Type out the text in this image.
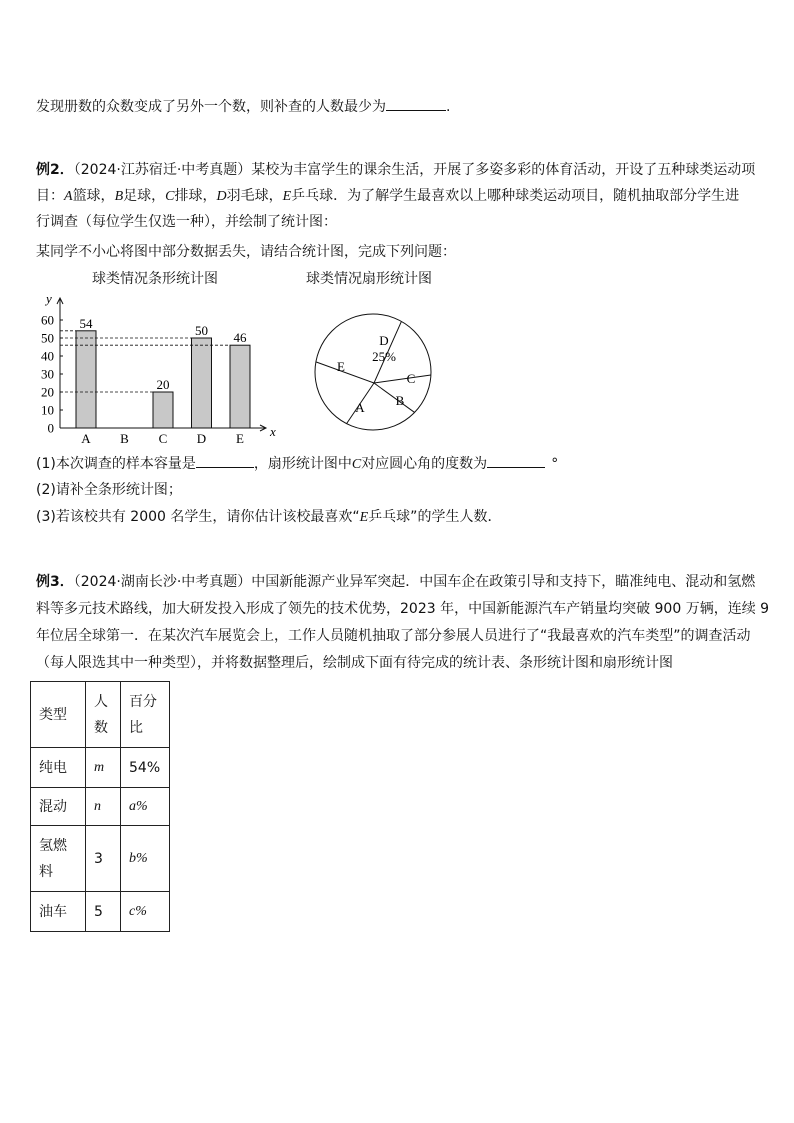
发现册数的众数变成了另外一个数，则补查的人数最少为	.
例2．（2024·江苏宿迁·中考真题）某校为丰富学生的课余生活，开展了多姿多彩的体育活动，开设了五种球类运动项
目：A篮球，B足球，C排球，D羽毛球，E乒乓球．为了解学生最喜欢以上哪种球类运动项目，随机抽取部分学生进
行调查（每位学生仅选一种），并绘制了统计图：
某同学不小心将图中部分数据丢失，请结合统计图，完成下列问题：
球类情况条形统计图	球类情况扇形统计图
y
x
0
10
20
30
40
50
60
A
54
B C
20
D
50
E
46	D
25%
C
B
A
E
(1)本次调查的样本容量是	，扇形统计图中C对应圆心角的度数为	°
(2)请补全条形统计图；
(3)若该校共有 2000 名学生，请你估计该校最喜欢“E乒乓球”的学生人数．
例3．（2024·湖南长沙·中考真题）中国新能源产业异军突起．中国车企在政策引导和支持下，瞄准纯电、混动和氢燃
料等多元技术路线，加大研发投入形成了领先的技术优势，2023 年，中国新能源汽车产销量均突破 900 万辆，连续 9
年位居全球第一．在某次汽车展览会上，工作人员随机抽取了部分参展人员进行了“我最喜欢的汽车类型”的调查活动
（每人限选其中一种类型），并将数据整理后，绘制成下面有待完成的统计表、条形统计图和扇形统计图
类型	人数	百分比
纯电	m	54%
混动	n	a%
氢燃料	3	b%
油车	5	c%
